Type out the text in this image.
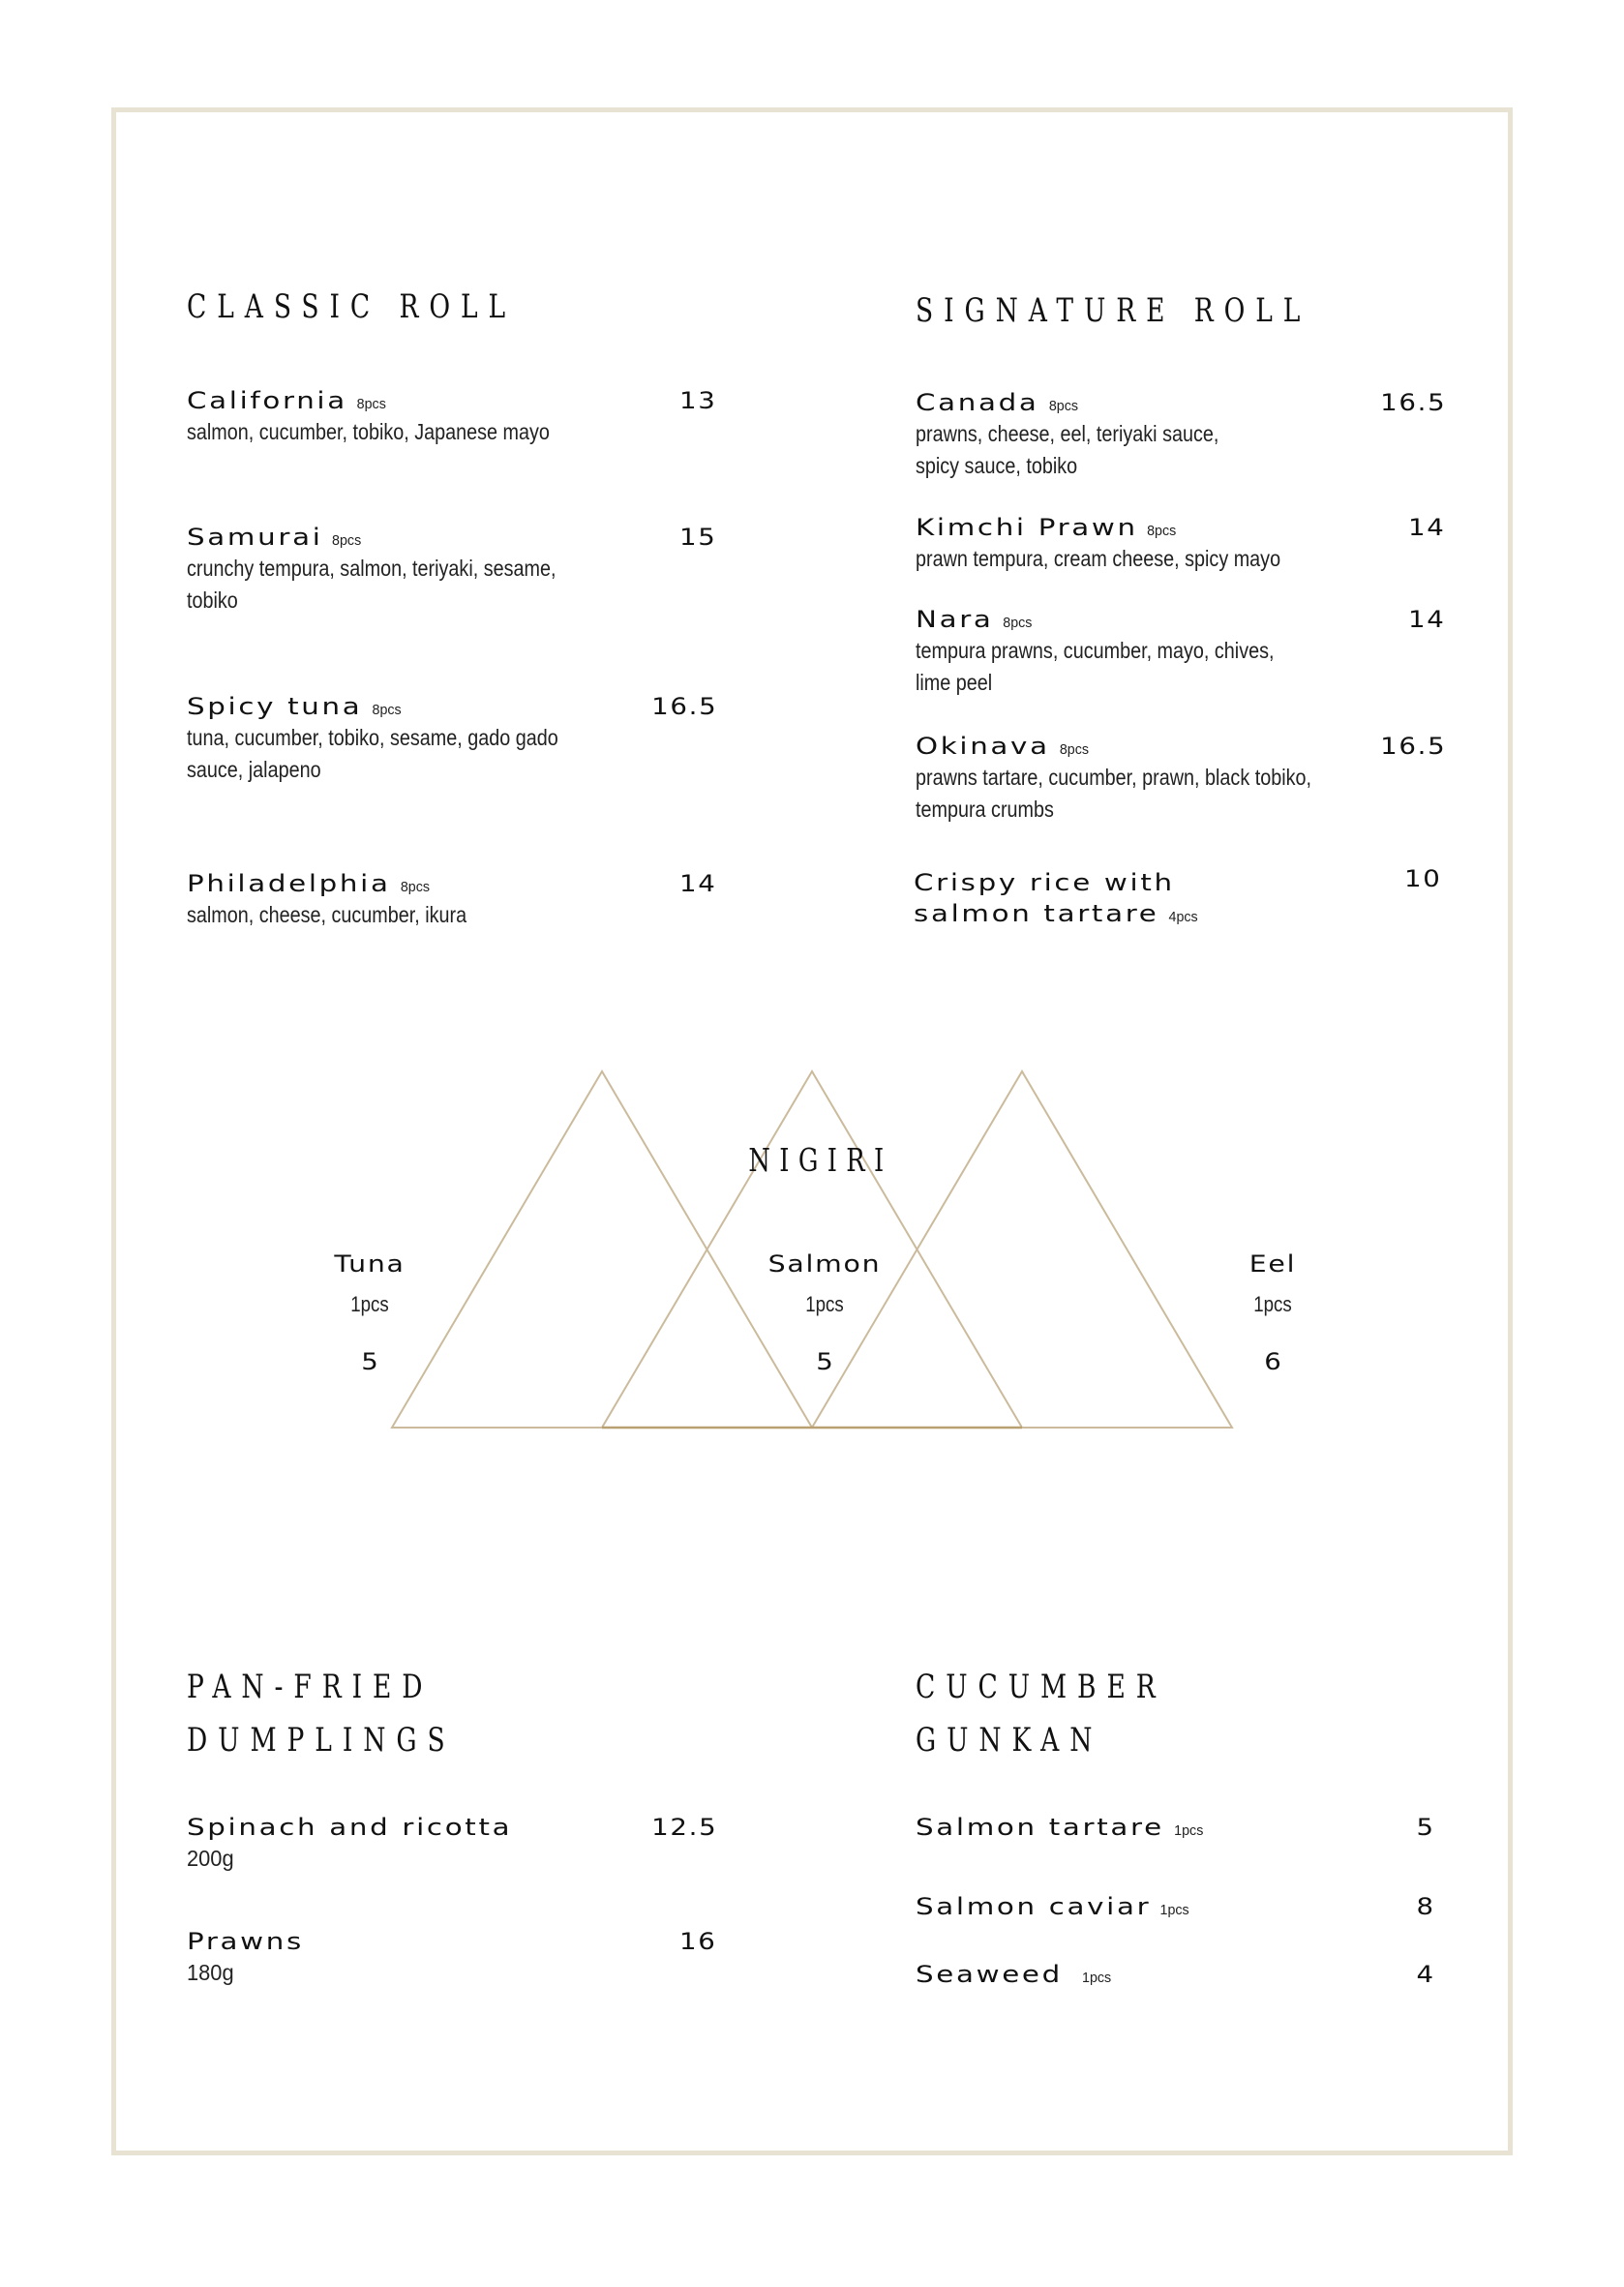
CLASSIC ROLL
California 8pcs	13
salmon, cucumber, tobiko, Japanese mayo
Samurai 8pcs	15
crunchy tempura, salmon, teriyaki, sesame,
tobiko
Spicy tuna 8pcs	16.5
tuna, cucumber, tobiko, sesame, gado gado
sauce, jalapeno
Philadelphia 8pcs	14
salmon, cheese, cucumber, ikura
SIGNATURE ROLL
Canada 8pcs	16.5
prawns, cheese, eel, teriyaki sauce,
spicy sauce, tobiko
Kimchi Prawn 8pcs	14
prawn tempura, cream cheese, spicy mayo
Nara 8pcs	14
tempura prawns, cucumber, mayo, chives,
lime peel
Okinava 8pcs	16.5
prawns tartare, cucumber, prawn, black tobiko,
tempura crumbs
Crispy rice with
salmon tartare 4pcs
10
NIGIRI
Tuna
1pcs
5
Salmon
1pcs
5
Eel
1pcs
6
PAN-FRIED
DUMPLINGS
Spinach and ricotta	12.5
200g
Prawns	16
180g
CUCUMBER
GUNKAN
Salmon tartare 1pcs	5
Salmon caviar 1pcs	8
Seaweed 1pcs	4
